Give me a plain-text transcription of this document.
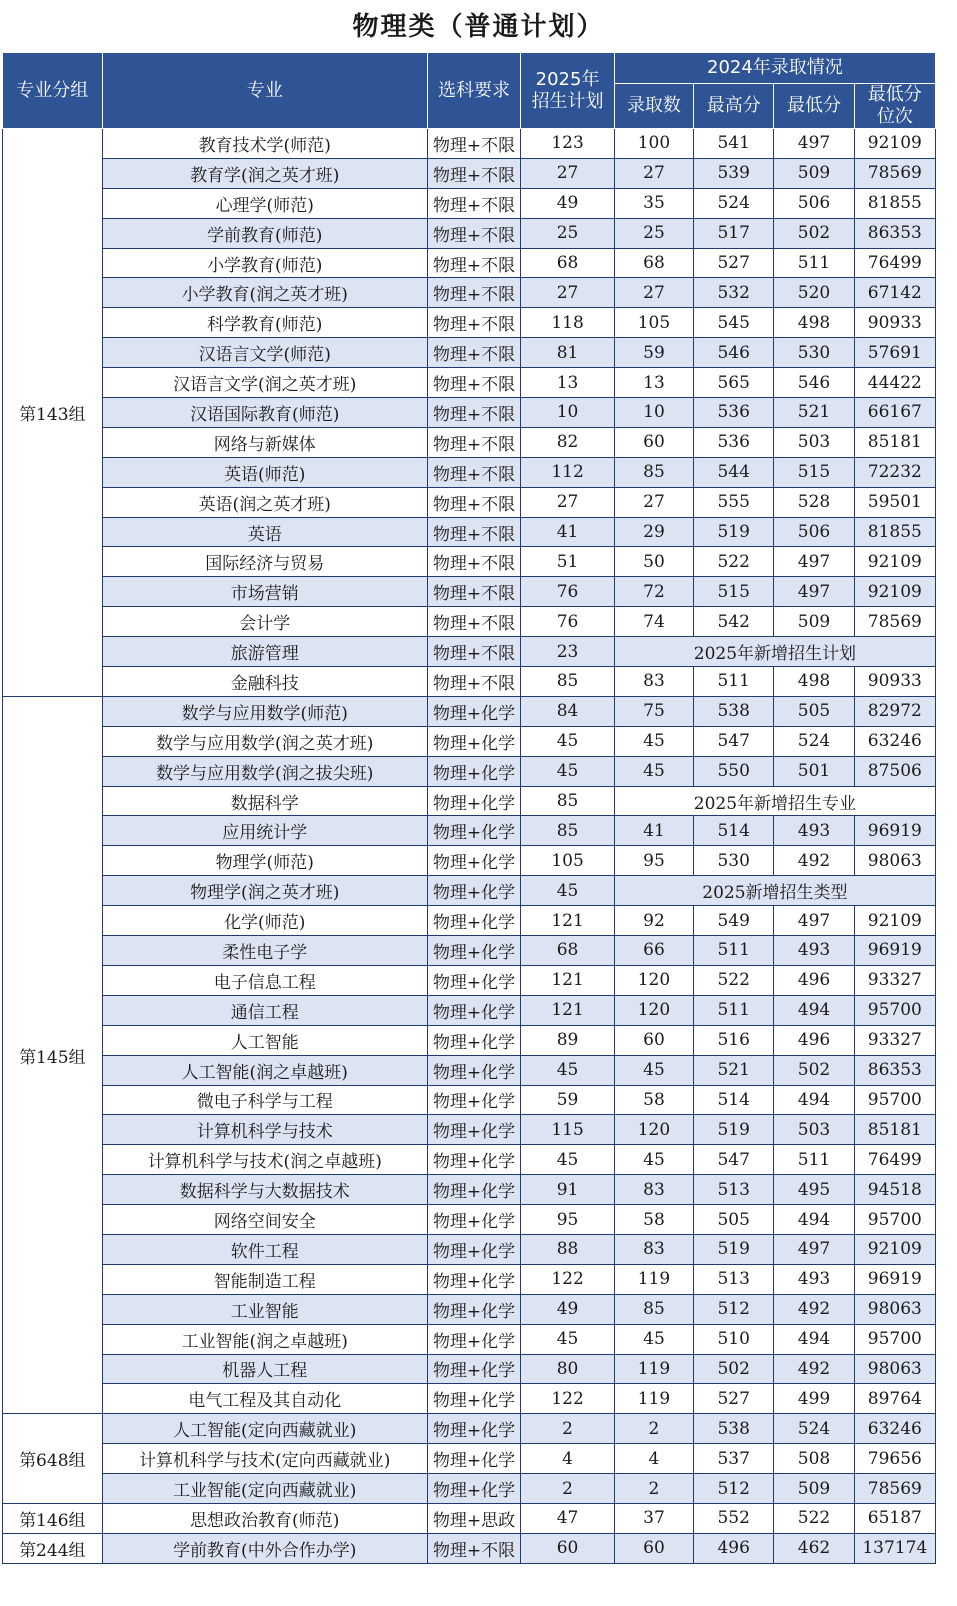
物理类（普通计划）
专业分组	专业	选科要求	2025年
招生计划	2024年录取情况			
				录取数	最高分	最低分	最低分
位次
第143组	教育技术学(师范)	物理+不限	123	100	541	497	92109
	教育学(润之英才班)	物理+不限	27	27	539	509	78569
	心理学(师范)	物理+不限	49	35	524	506	81855
	学前教育(师范)	物理+不限	25	25	517	502	86353
	小学教育(师范)	物理+不限	68	68	527	511	76499
	小学教育(润之英才班)	物理+不限	27	27	532	520	67142
	科学教育(师范)	物理+不限	118	105	545	498	90933
	汉语言文学(师范)	物理+不限	81	59	546	530	57691
	汉语言文学(润之英才班)	物理+不限	13	13	565	546	44422
	汉语国际教育(师范)	物理+不限	10	10	536	521	66167
	网络与新媒体	物理+不限	82	60	536	503	85181
	英语(师范)	物理+不限	112	85	544	515	72232
	英语(润之英才班)	物理+不限	27	27	555	528	59501
	英语	物理+不限	41	29	519	506	81855
	国际经济与贸易	物理+不限	51	50	522	497	92109
	市场营销	物理+不限	76	72	515	497	92109
	会计学	物理+不限	76	74	542	509	78569
	旅游管理	物理+不限	23	2025年新增招生计划			
	金融科技	物理+不限	85	83	511	498	90933
第145组	数学与应用数学(师范)	物理+化学	84	75	538	505	82972
	数学与应用数学(润之英才班)	物理+化学	45	45	547	524	63246
	数学与应用数学(润之拔尖班)	物理+化学	45	45	550	501	87506
	数据科学	物理+化学	85	2025年新增招生专业			
	应用统计学	物理+化学	85	41	514	493	96919
	物理学(师范)	物理+化学	105	95	530	492	98063
	物理学(润之英才班)	物理+化学	45	2025新增招生类型			
	化学(师范)	物理+化学	121	92	549	497	92109
	柔性电子学	物理+化学	68	66	511	493	96919
	电子信息工程	物理+化学	121	120	522	496	93327
	通信工程	物理+化学	121	120	511	494	95700
	人工智能	物理+化学	89	60	516	496	93327
	人工智能(润之卓越班)	物理+化学	45	45	521	502	86353
	微电子科学与工程	物理+化学	59	58	514	494	95700
	计算机科学与技术	物理+化学	115	120	519	503	85181
	计算机科学与技术(润之卓越班)	物理+化学	45	45	547	511	76499
	数据科学与大数据技术	物理+化学	91	83	513	495	94518
	网络空间安全	物理+化学	95	58	505	494	95700
	软件工程	物理+化学	88	83	519	497	92109
	智能制造工程	物理+化学	122	119	513	493	96919
	工业智能	物理+化学	49	85	512	492	98063
	工业智能(润之卓越班)	物理+化学	45	45	510	494	95700
	机器人工程	物理+化学	80	119	502	492	98063
	电气工程及其自动化	物理+化学	122	119	527	499	89764
第648组	人工智能(定向西藏就业)	物理+化学	2	2	538	524	63246
	计算机科学与技术(定向西藏就业)	物理+化学	4	4	537	508	79656
	工业智能(定向西藏就业)	物理+化学	2	2	512	509	78569
第146组	思想政治教育(师范)	物理+思政	47	37	552	522	65187
第244组	学前教育(中外合作办学)	物理+不限	60	60	496	462	137174
